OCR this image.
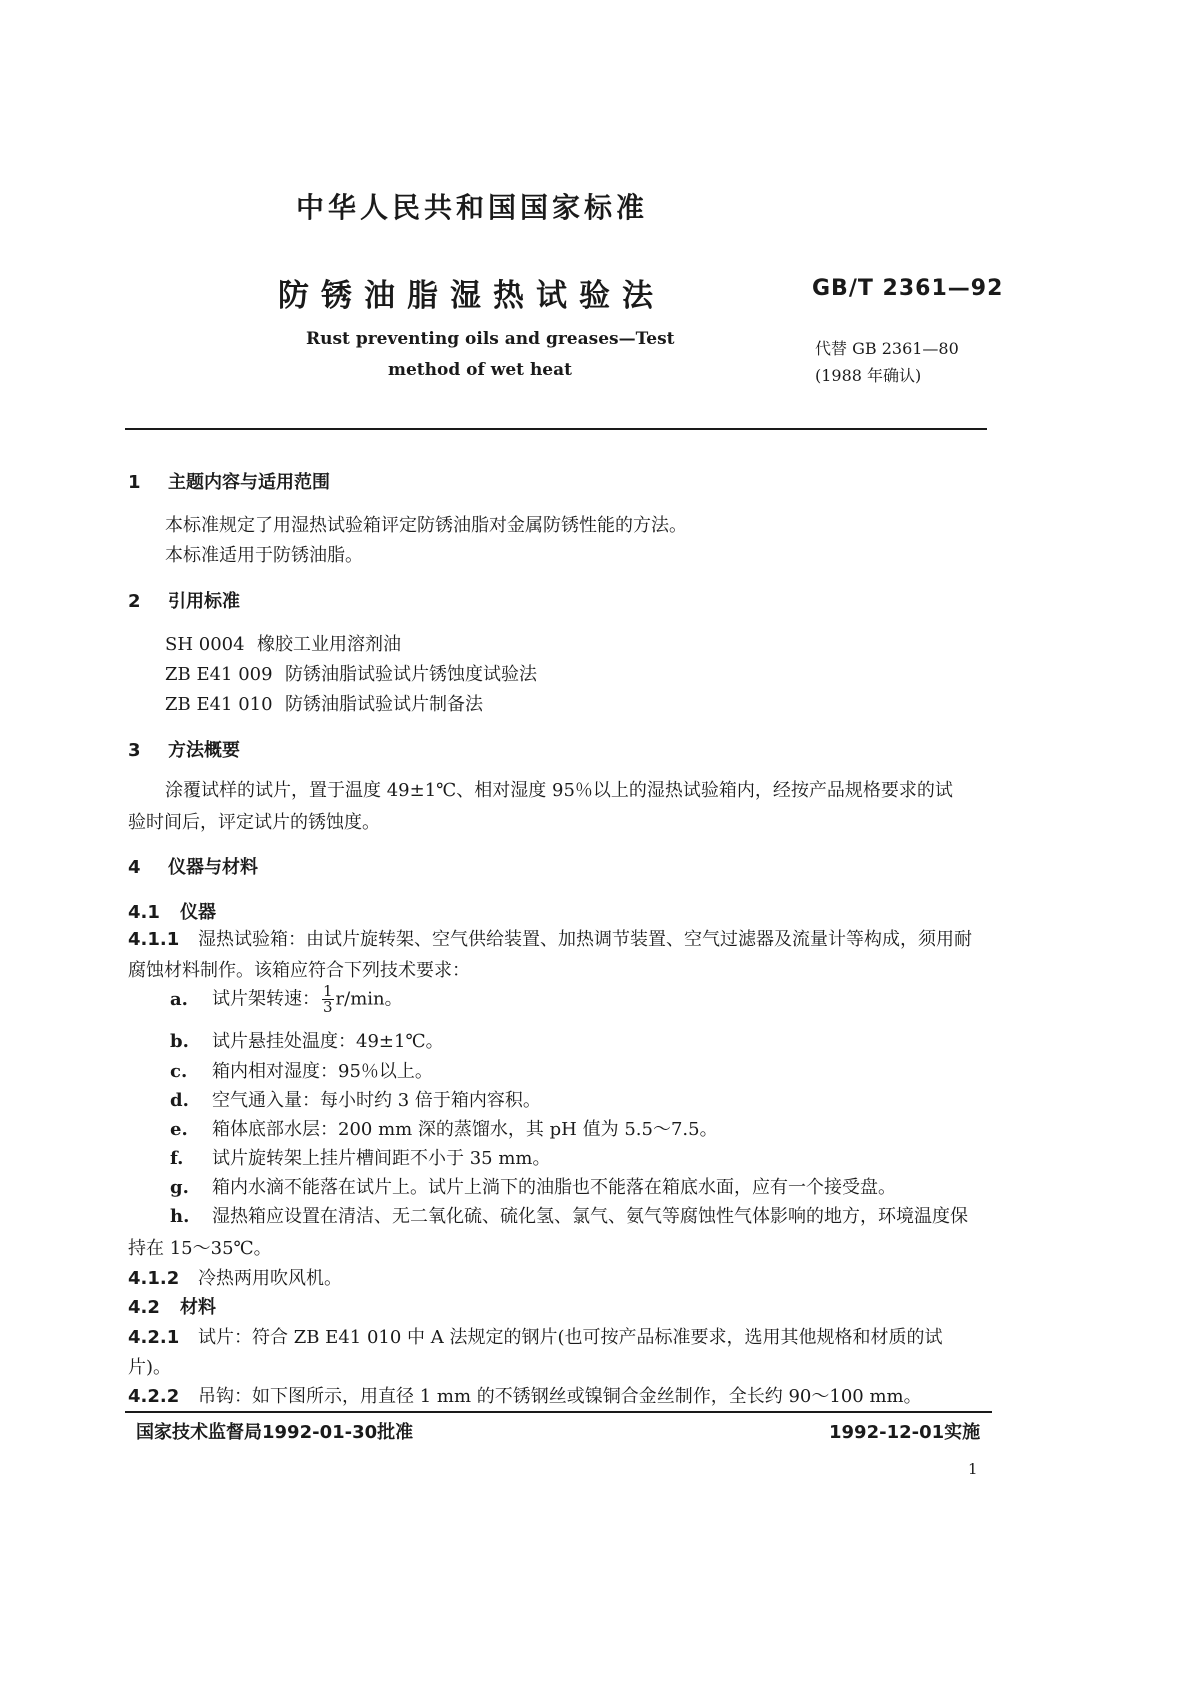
中华人民共和国国家标准
防锈油脂湿热试验法	GB/T 2361—92
Rust preventing oils and greases—Test
method of wet heat
代替 GB 2361—80
(1988 年确认)
1 主题内容与适用范围
本标准规定了用湿热试验箱评定防锈油脂对金属防锈性能的方法。
本标准适用于防锈油脂。
2 引用标准
SH 0004 橡胶工业用溶剂油
ZB E41 009 防锈油脂试验试片锈蚀度试验法
ZB E41 010 防锈油脂试验试片制备法
3 方法概要
涂覆试样的试片，置于温度 49±1℃、相对湿度 95％以上的湿热试验箱内，经按产品规格要求的试
验时间后，评定试片的锈蚀度。
4 仪器与材料
4.1 仪器
4.1.1 湿热试验箱：由试片旋转架、空气供给装置、加热调节装置、空气过滤器及流量计等构成，须用耐
腐蚀材料制作。该箱应符合下列技术要求：
a. 试片架转速： $\frac{1}{3} r/\min$。
b. 试片悬挂处温度：49±1℃。
c. 箱内相对湿度：95％以上。
d. 空气通入量：每小时约 3 倍于箱内容积。
e. 箱体底部水层：200 mm 深的蒸馏水，其 pH 值为 5.5～7.5。
f. 试片旋转架上挂片槽间距不小于 35 mm。
g. 箱内水滴不能落在试片上。试片上淌下的油脂也不能落在箱底水面，应有一个接受盘。
h. 湿热箱应设置在清洁、无二氧化硫、硫化氢、氯气、氨气等腐蚀性气体影响的地方，环境温度保
持在 15～35℃。
4.1.2 冷热两用吹风机。
4.2 材料
4.2.1 试片：符合 ZB E41 010 中 A 法规定的钢片(也可按产品标准要求，选用其他规格和材质的试
片)。
4.2.2 吊钩：如下图所示，用直径 1 mm 的不锈钢丝或镍铜合金丝制作，全长约 90～100 mm。
国家技术监督局1992-01-30批准	1992-12-01实施
1
